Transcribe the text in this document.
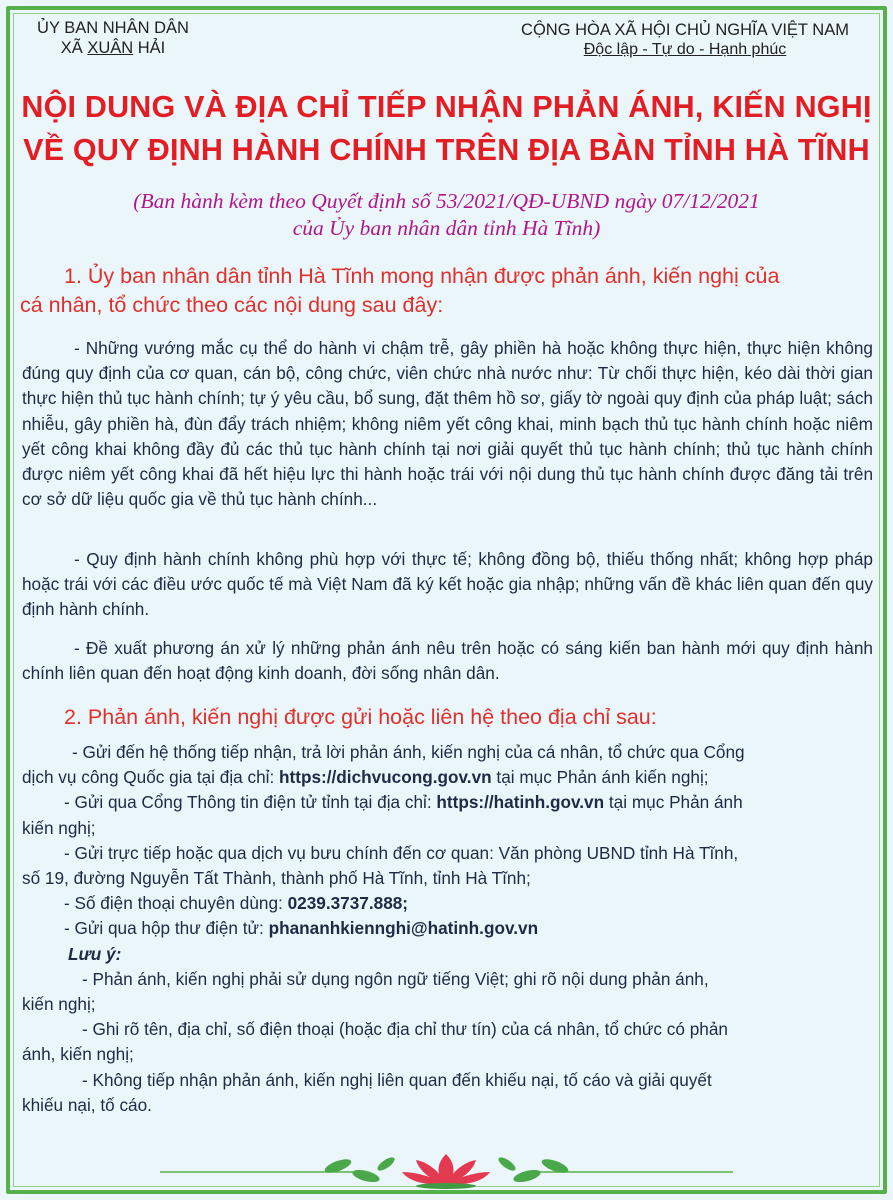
ỦY BAN NHÂN DÂN
XÃ XUÂN HẢI
CỘNG HÒA XÃ HỘI CHỦ NGHĨA VIỆT NAM
Độc lập - Tự do - Hạnh phúc
NỘI DUNG VÀ ĐỊA CHỈ TIẾP NHẬN PHẢN ÁNH, KIẾN NGHỊ
VỀ QUY ĐỊNH HÀNH CHÍNH TRÊN ĐỊA BÀN TỈNH HÀ TĨNH
(Ban hành kèm theo Quyết định số 53/2021/QĐ-UBND ngày 07/12/2021
của Ủy ban nhân dân tỉnh Hà Tĩnh)
1. Ủy ban nhân dân tỉnh Hà Tĩnh mong nhận được phản ánh, kiến nghị của
cá nhân, tổ chức theo các nội dung sau đây:
- Những vướng mắc cụ thể do hành vi chậm trễ, gây phiền hà hoặc không thực hiện, thực hiện không đúng quy định của cơ quan, cán bộ, công chức, viên chức nhà nước như: Từ chối thực hiện, kéo dài thời gian thực hiện thủ tục hành chính; tự ý yêu cầu, bổ sung, đặt thêm hồ sơ, giấy tờ ngoài quy định của pháp luật; sách nhiễu, gây phiền hà, đùn đẩy trách nhiệm; không niêm yết công khai, minh bạch thủ tục hành chính hoặc niêm yết công khai không đầy đủ các thủ tục hành chính tại nơi giải quyết thủ tục hành chính; thủ tục hành chính được niêm yết công khai đã hết hiệu lực thi hành hoặc trái với nội dung thủ tục hành chính được đăng tải trên cơ sở dữ liệu quốc gia về thủ tục hành chính...
- Quy định hành chính không phù hợp với thực tế; không đồng bộ, thiếu thống nhất; không hợp pháp hoặc trái với các điều ước quốc tế mà Việt Nam đã ký kết hoặc gia nhập; những vấn đề khác liên quan đến quy định hành chính.
- Đề xuất phương án xử lý những phản ánh nêu trên hoặc có sáng kiến ban hành mới quy định hành chính liên quan đến hoạt động kinh doanh, đời sống nhân dân.
2. Phản ánh, kiến nghị được gửi hoặc liên hệ theo địa chỉ sau:
- Gửi đến hệ thống tiếp nhận, trả lời phản ánh, kiến nghị của cá nhân, tổ chức qua Cổng
dịch vụ công Quốc gia tại địa chỉ: https://dichvucong.gov.vn tại mục Phản ánh kiến nghị;
- Gửi qua Cổng Thông tin điện tử tỉnh tại địa chỉ: https://hatinh.gov.vn tại mục Phản ánh
kiến nghị;
- Gửi trực tiếp hoặc qua dịch vụ bưu chính đến cơ quan: Văn phòng UBND tỉnh Hà Tĩnh,
số 19, đường Nguyễn Tất Thành, thành phố Hà Tĩnh, tỉnh Hà Tĩnh;
- Số điện thoại chuyên dùng: 0239.3737.888;
- Gửi qua hộp thư điện tử: phananhkiennghi@hatinh.gov.vn
Lưu ý:
- Phản ánh, kiến nghị phải sử dụng ngôn ngữ tiếng Việt; ghi rõ nội dung phản ánh,
kiến nghị;
- Ghi rõ tên, địa chỉ, số điện thoại (hoặc địa chỉ thư tín) của cá nhân, tổ chức có phản
ánh, kiến nghị;
- Không tiếp nhận phản ánh, kiến nghị liên quan đến khiếu nại, tố cáo và giải quyết
khiếu nại, tố cáo.
